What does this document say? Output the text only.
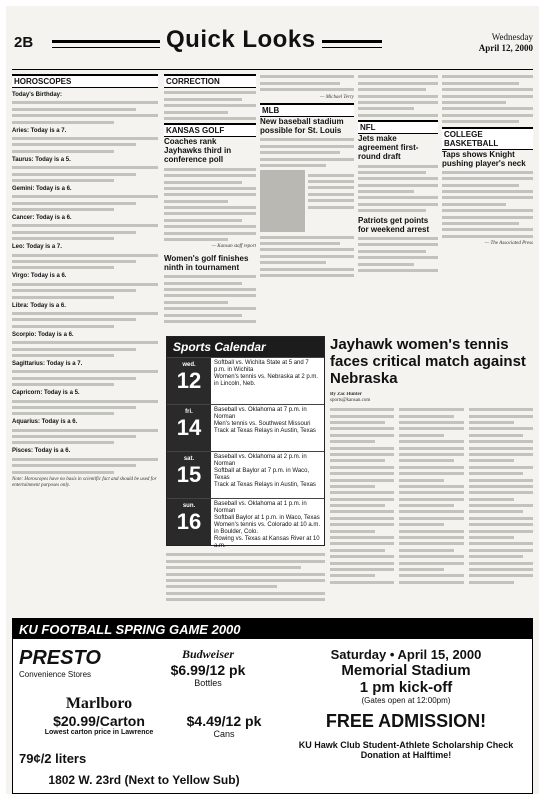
2B	Quick Looks	Wednesday
April 12, 2000
HOROSCOPES
Today's Birthday:
Aries: Today is a 7.
Taurus: Today is a 5.
Gemini: Today is a 6.
Cancer: Today is a 6.
Leo: Today is a 7.
Virgo: Today is a 6.
Libra: Today is a 6.
Scorpio: Today is a 6.
Sagittarius: Today is a 7.
Capricorn: Today is a 5.
Aquarius: Today is a 6.
Pisces: Today is a 6.
Note: Horoscopes have no basis in scientific fact and should be used for entertainment purposes only.
CORRECTION
KANSAS GOLF
Coaches rank Jayhawks third in conference poll
— Kansan staff report
Women's golf finishes ninth in tournament
— Michael Terry
MLB
New baseball stadium possible for St. Louis	NFL
Jets make agreement first-round draft
Patriots get points for weekend arrest
COLLEGE BASKETBALL
Taps shows Knight pushing player's neck
— The Associated Press
Sports Calendar
wed.
12
Softball vs. Wichita State at 5 and 7 p.m. in Wichita
Women's tennis vs. Nebraska at 2 p.m. in Lincoln, Neb.
fri.
14
Baseball vs. Oklahoma at 7 p.m. in Norman
Men's tennis vs. Southwest Missouri
Track at Texas Relays in Austin, Texas
sat.
15
Baseball vs. Oklahoma at 2 p.m. in Norman
Softball at Baylor at 7 p.m. in Waco, Texas
Track at Texas Relays in Austin, Texas
sun.
16
Baseball vs. Oklahoma at 1 p.m. in Norman
Softball Baylor at 1 p.m. in Waco, Texas
Women's tennis vs. Colorado at 10 a.m. in Boulder, Colo.
Rowing vs. Texas at Kansas River at 10 a.m.
Jayhawk women's tennis faces critical match against Nebraska
By Zac Hunter
sports@kansan.com
KU FOOTBALL SPRING GAME 2000
PRESTO
Convenience Stores
Budweiser
$6.99/12 pk
Bottles
Marlboro
$20.99/Carton
Lowest carton price in Lawrence
$4.49/12 pk
Cans
79¢/2 liters
1802 W. 23rd (Next to Yellow Sub)
Saturday • April 15, 2000
Memorial Stadium
1 pm kick-off
(Gates open at 12:00pm)
FREE ADMISSION!
KU Hawk Club Student-Athlete Scholarship Check Donation at Halftime!
